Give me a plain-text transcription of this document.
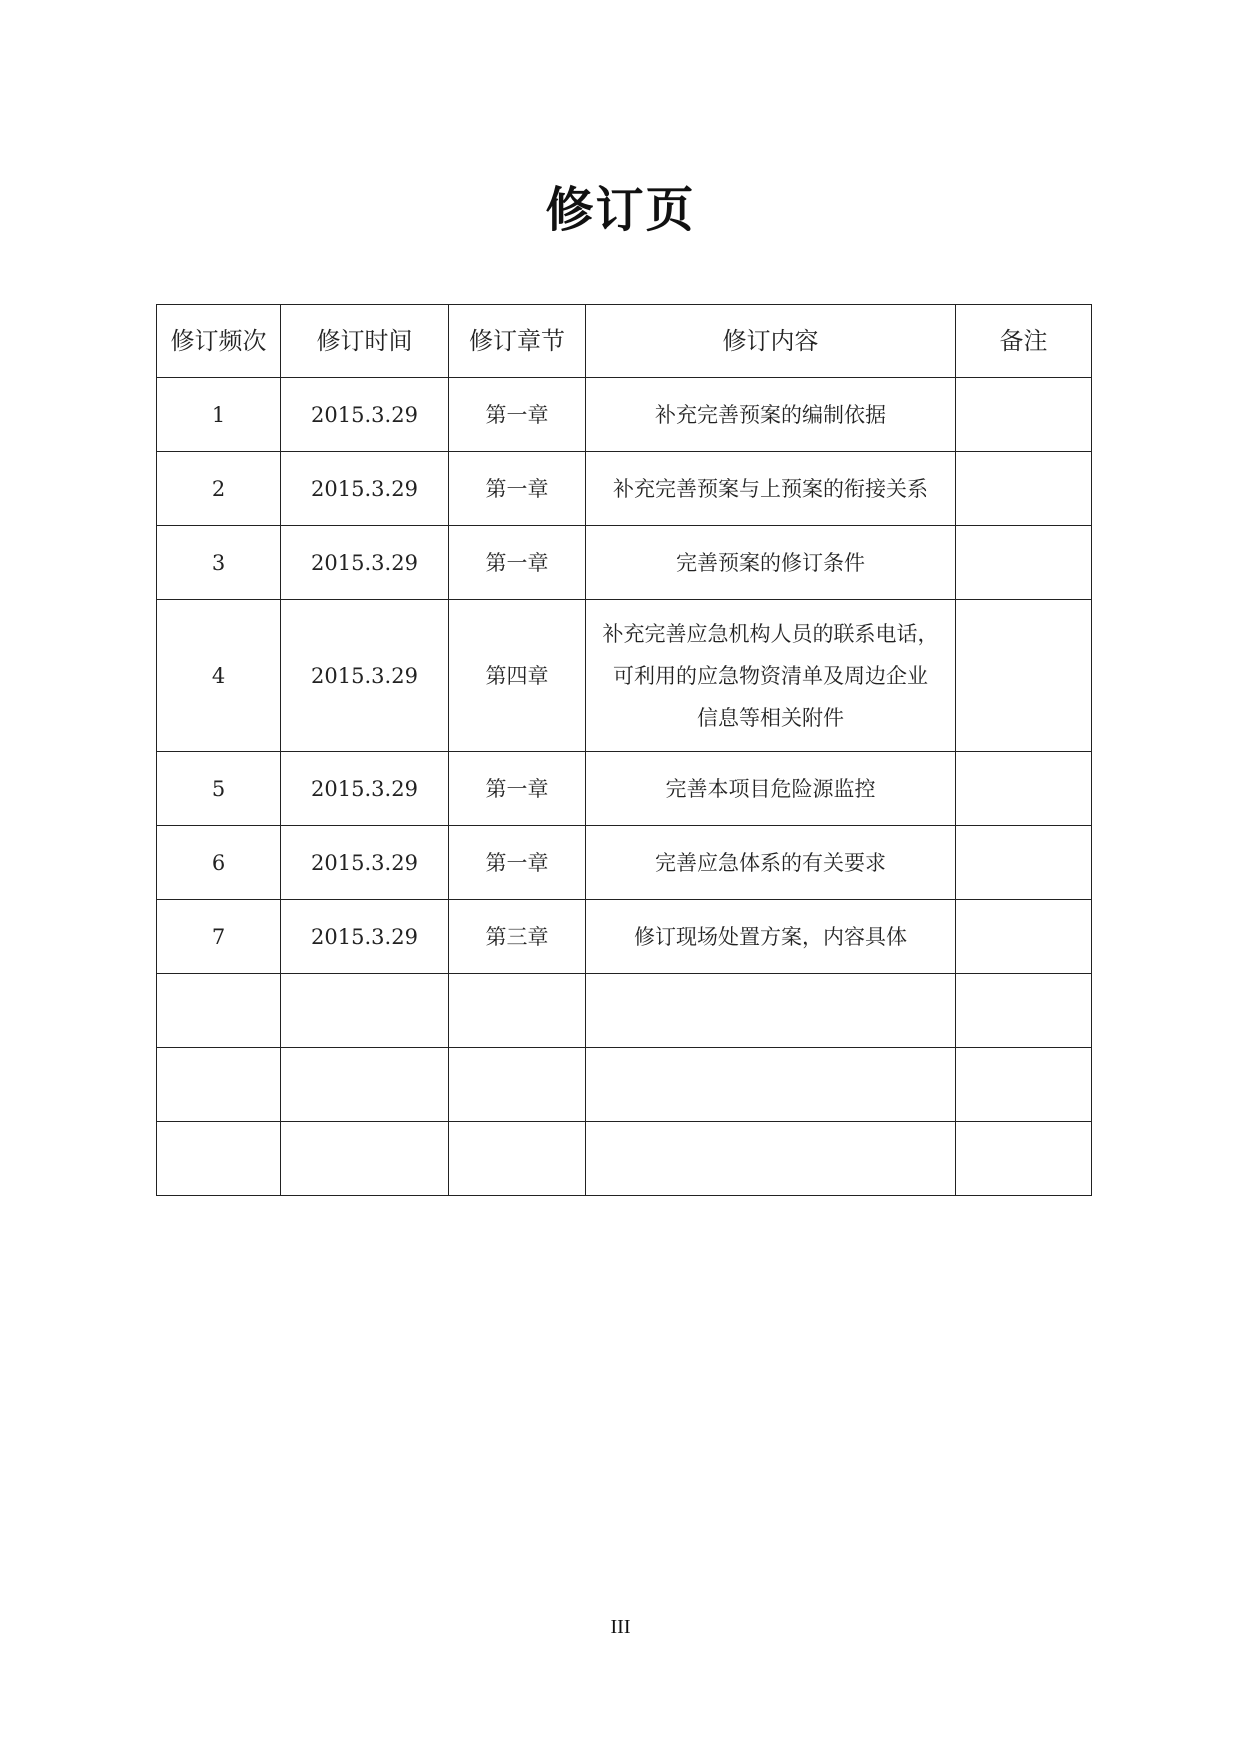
修订页
修订频次	修订时间	修订章节	修订内容	备注
1	2015.3.29	第一章	补充完善预案的编制依据	
2	2015.3.29	第一章	补充完善预案与上预案的衔接关系	
3	2015.3.29	第一章	完善预案的修订条件	
4	2015.3.29	第四章	补充完善应急机构人员的联系电话，
可利用的应急物资清单及周边企业
信息等相关附件	
5	2015.3.29	第一章	完善本项目危险源监控	
6	2015.3.29	第一章	完善应急体系的有关要求	
7	2015.3.29	第三章	修订现场处置方案，内容具体	

III
